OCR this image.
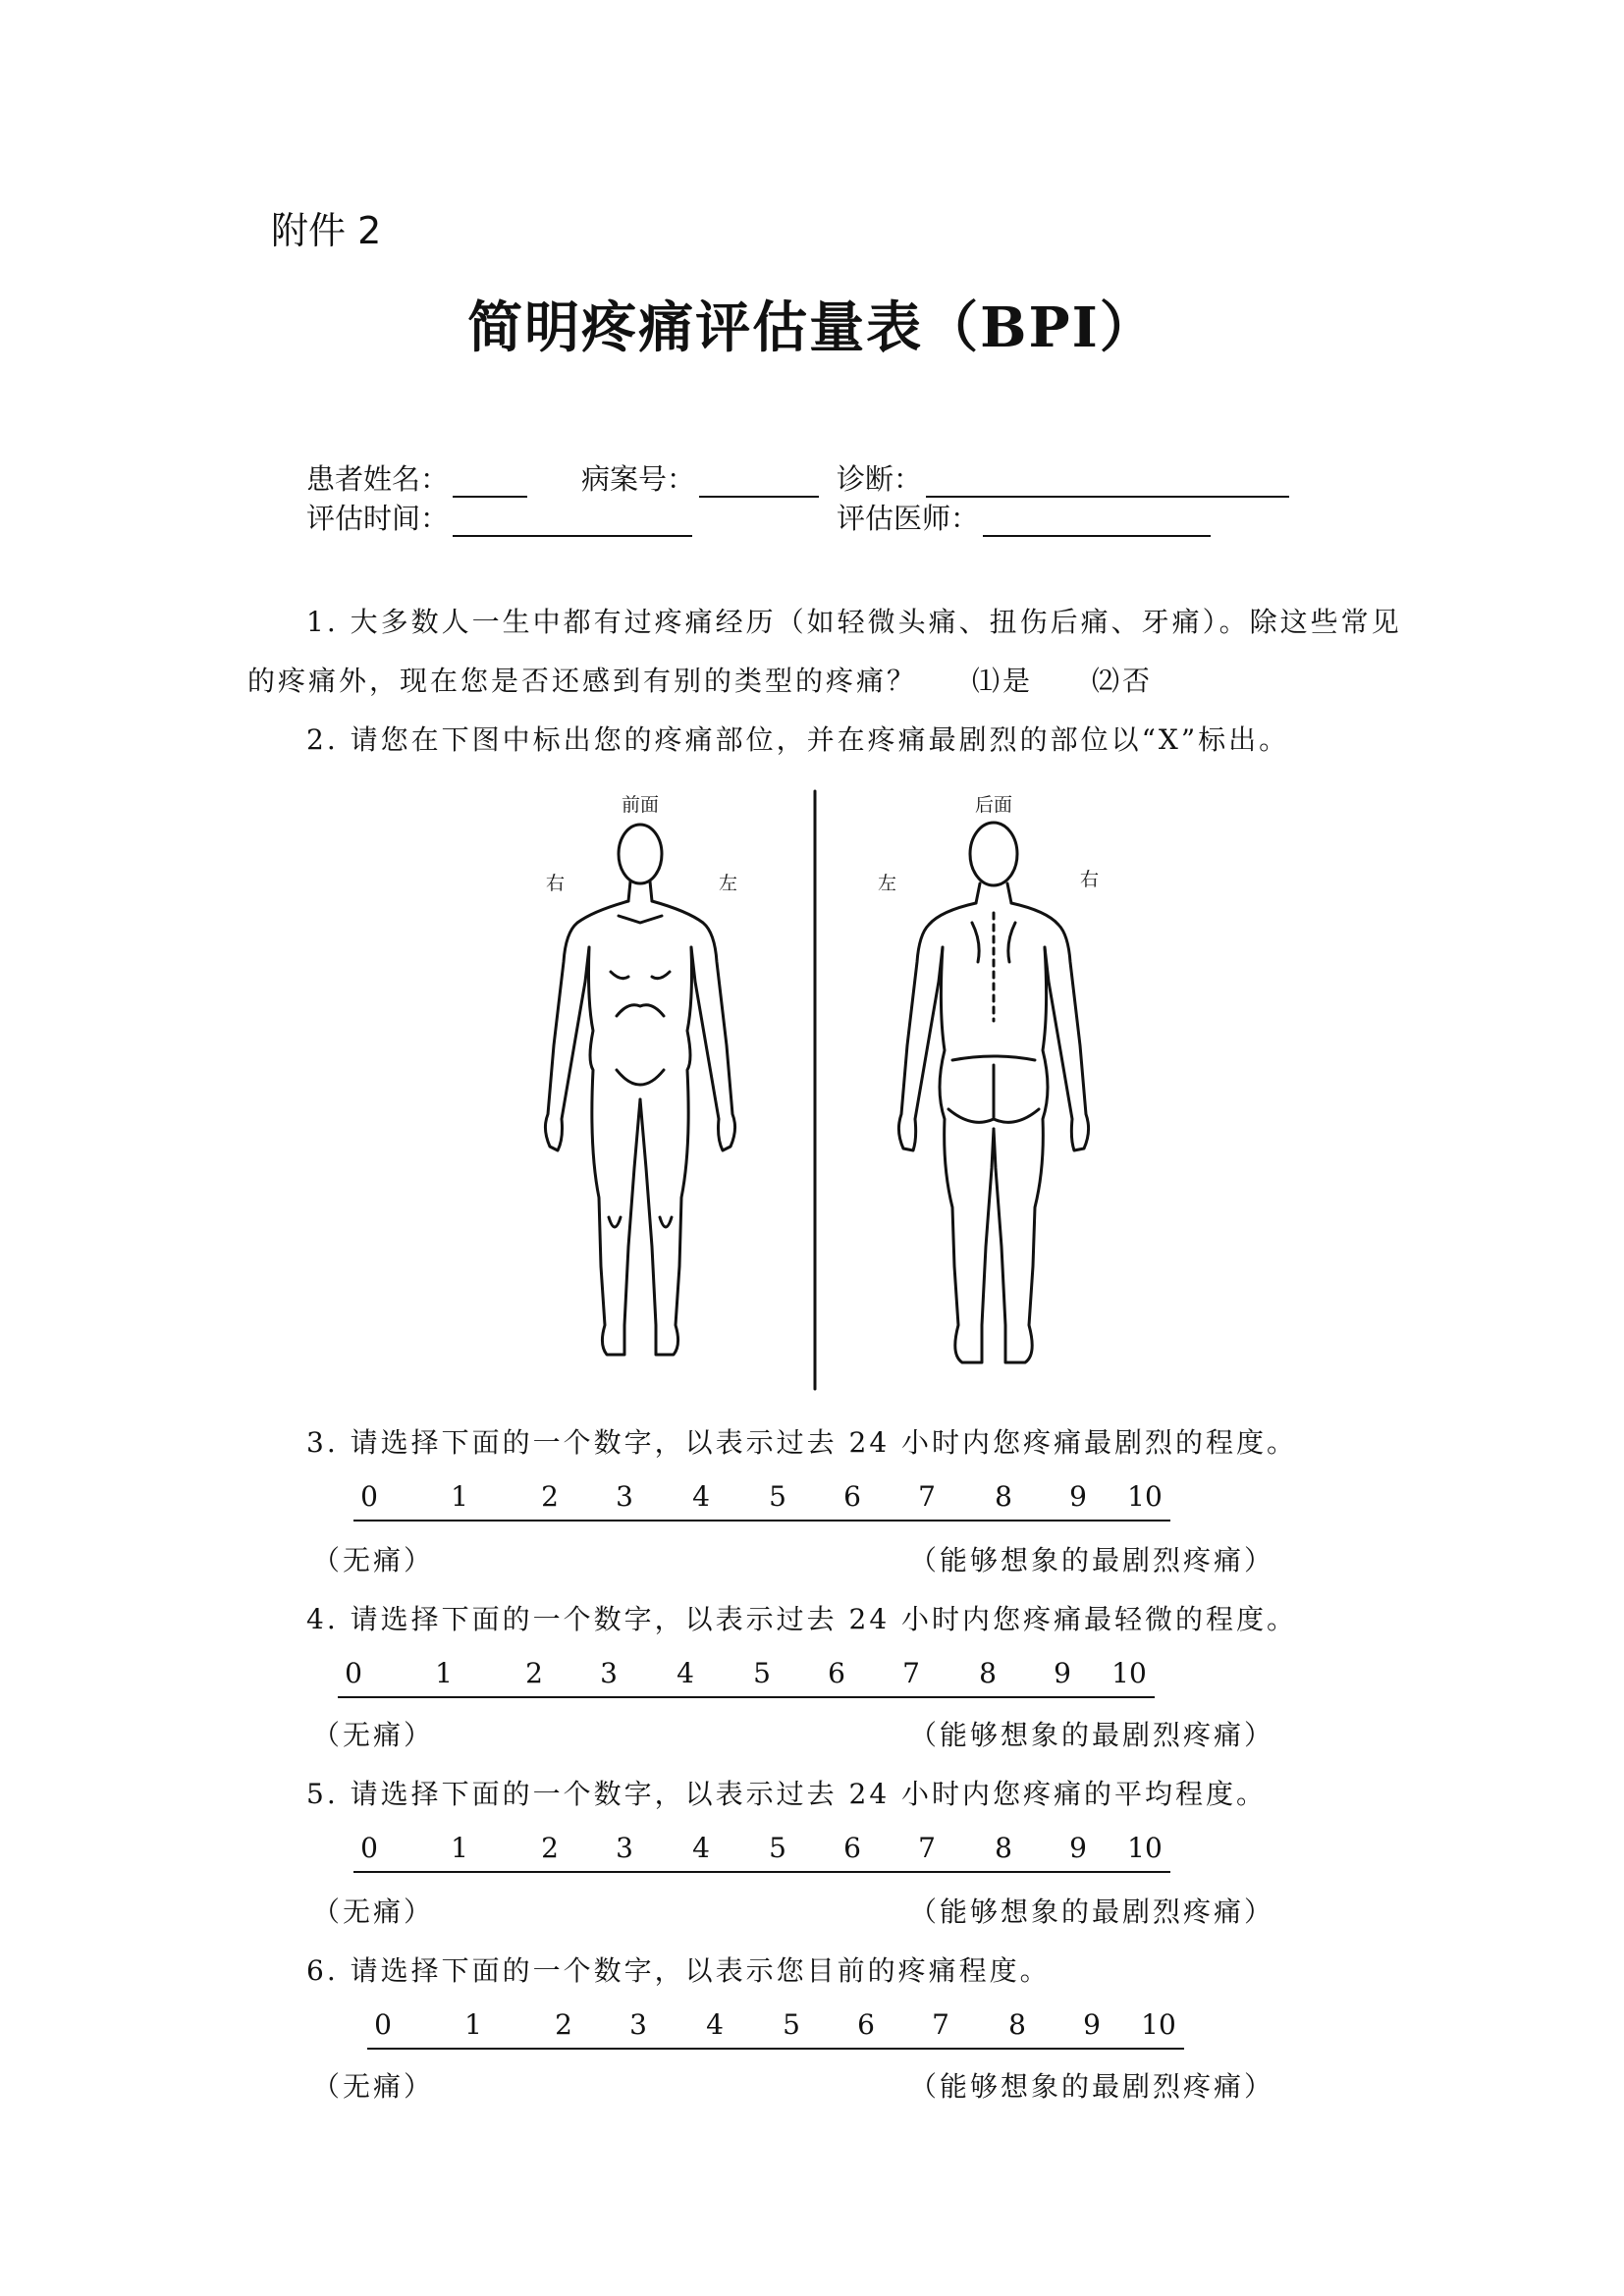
附件 2
简明疼痛评估量表（BPI）
患者姓名：	病案号：	诊断：
评估时间：	评估医师：
1. 大多数人一生中都有过疼痛经历（如轻微头痛、扭伤后痛、牙痛）。除这些常见
的疼痛外，现在您是否还感到有别的类型的疼痛？ ⑴是 ⑵否
2. 请您在下图中标出您的疼痛部位，并在疼痛最剧烈的部位以“X”标出。
前面	后面
右	左	左	右
3. 请选择下面的一个数字，以表示过去 24 小时内您疼痛最剧烈的程度。
0	1	2 3 4 5 6 7 8 9 10
（无痛）	（能够想象的最剧烈疼痛）
4. 请选择下面的一个数字，以表示过去 24 小时内您疼痛最轻微的程度。
0	1	2 3 4 5 6 7 8 9 10
（无痛）	（能够想象的最剧烈疼痛）
5. 请选择下面的一个数字，以表示过去 24 小时内您疼痛的平均程度。
0	1	2 3 4 5 6 7 8 9 10
（无痛）	（能够想象的最剧烈疼痛）
6. 请选择下面的一个数字，以表示您目前的疼痛程度。
0	1	2 3 4 5 6 7 8 9 10
（无痛）	（能够想象的最剧烈疼痛）
